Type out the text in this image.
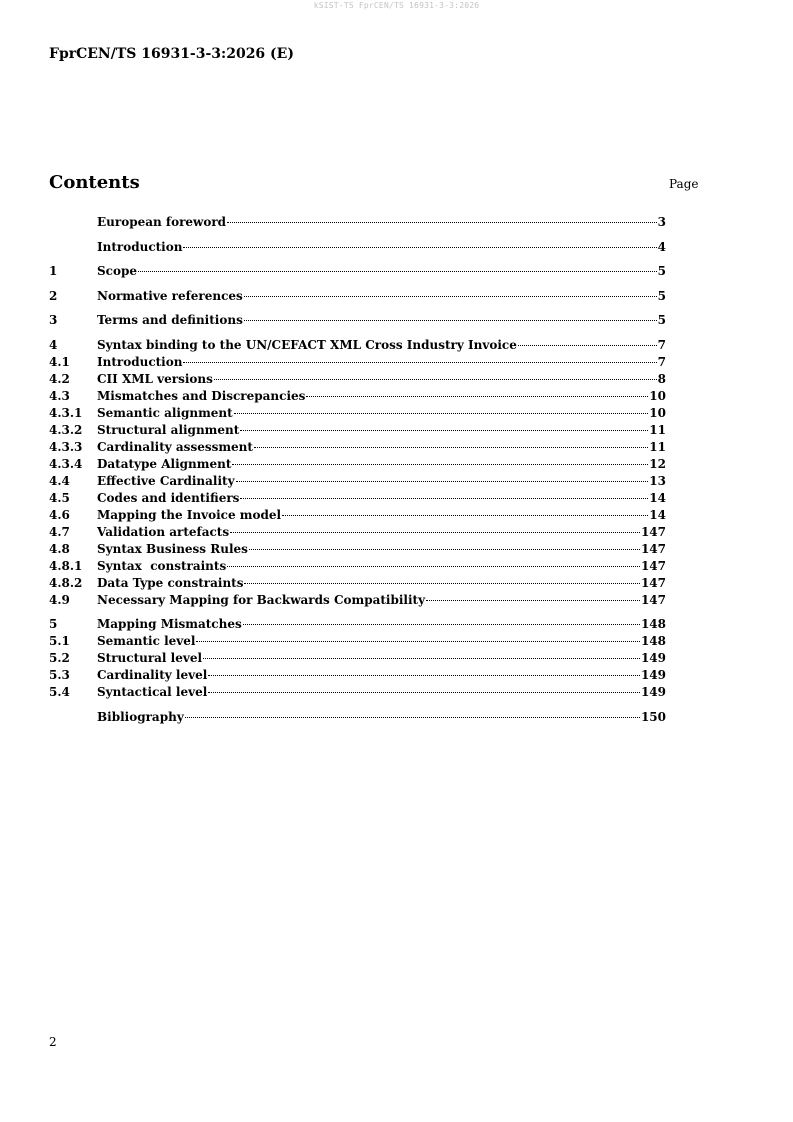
kSIST-TS FprCEN/TS 16931-3-3:2026
FprCEN/TS 16931-3-3:2026 (E)
Contents	Page
European foreword	3
Introduction	4
1	Scope	5
2	Normative references	5
3	Terms and definitions	5
4	Syntax binding to the UN/CEFACT XML Cross Industry Invoice	7
4.1	Introduction	7
4.2	CII XML versions	8
4.3	Mismatches and Discrepancies	10
4.3.1	Semantic alignment	10
4.3.2	Structural alignment	11
4.3.3	Cardinality assessment	11
4.3.4	Datatype Alignment	12
4.4	Effective Cardinality	13
4.5	Codes and identifiers	14
4.6	Mapping the Invoice model	14
4.7	Validation artefacts	147
4.8	Syntax Business Rules	147
4.8.1	Syntax  constraints	147
4.8.2	Data Type constraints	147
4.9	Necessary Mapping for Backwards Compatibility	147
5	Mapping Mismatches	148
5.1	Semantic level	148
5.2	Structural level	149
5.3	Cardinality level	149
5.4	Syntactical level	149
Bibliography	150
2
